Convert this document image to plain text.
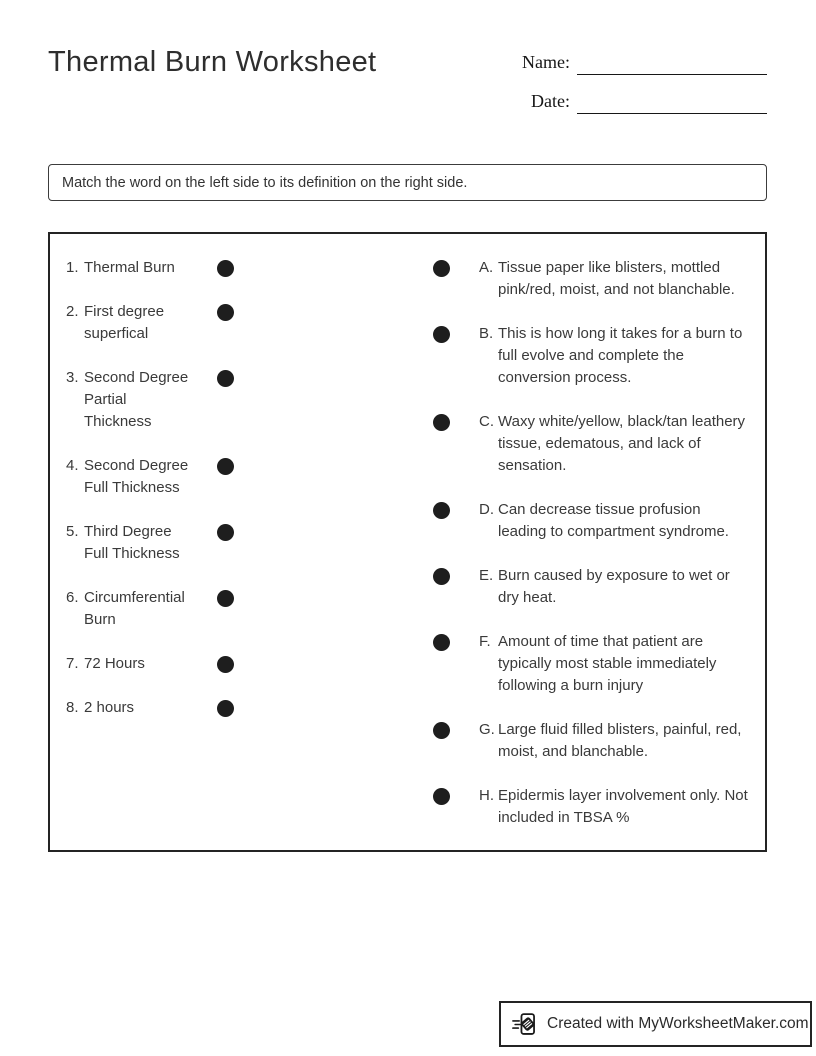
Thermal Burn Worksheet	Name:
Date:
Match the word on the left side to its definition on the right side.
1. Thermal Burn
2. First degree superfical
3. Second Degree Partial Thickness
4. Second Degree Full Thickness
5. Third Degree Full Thickness
6. Circumferential Burn
7. 72 Hours
8. 2 hours
A. Tissue paper like blisters, mottled pink/red, moist, and not blanchable.
B. This is how long it takes for a burn to full evolve and complete the conversion process.
C. Waxy white/yellow, black/tan leathery tissue, edematous, and lack of sensation.
D. Can decrease tissue profusion leading to compartment syndrome.
E. Burn caused by exposure to wet or dry heat.
F. Amount of time that patient are typically most stable immediately following a burn injury
G. Large fluid filled blisters, painful, red, moist, and blanchable.
H. Epidermis layer involvement only. Not included in TBSA %
Created with MyWorksheetMaker.com
